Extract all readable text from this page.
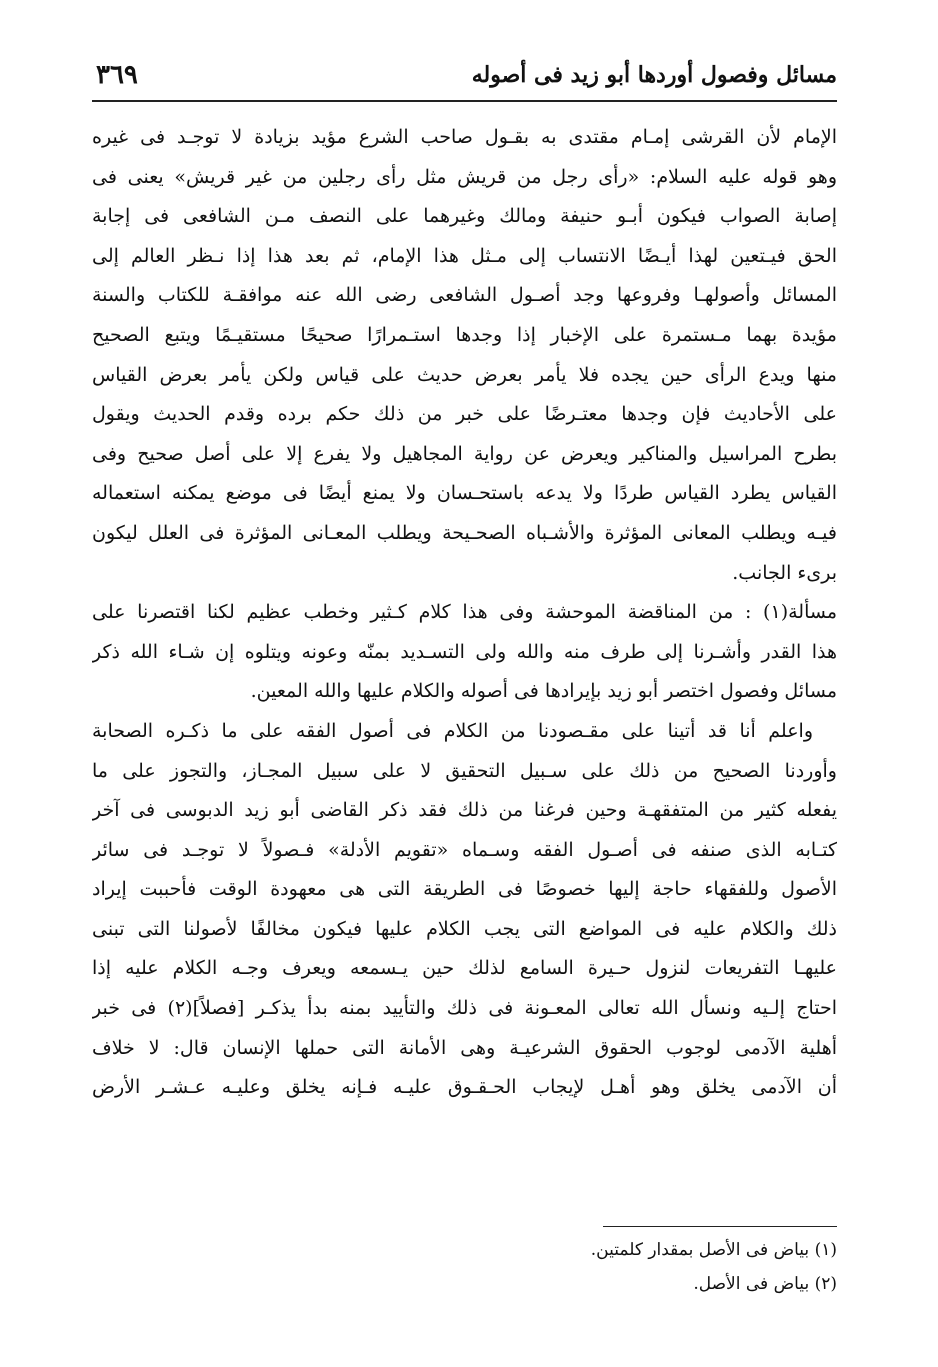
مسائل وفصول أوردها أبو زيد فى أصوله
٣٦٩
الإمام لأن القرشى إمـام مقتدى به بقـول صاحب الشرع مؤيد بزيادة لا توجـد فى غيره
وهو قوله عليه السلام: «رأى رجل من قريش مثل رأى رجلين من غير قريش» يعنى فى
إصابة الصواب فيكون أبـو حنيفة ومالك وغيرهما على النصف مـن الشافعى فى إجابة
الحق فيـتعين لهذا أيـضًا الانتساب إلى مـثل هذا الإمام، ثم بعد هذا إذا نـظر العالم إلى
المسائل وأصولهـا وفروعها وجد أصـول الشافعى رضى الله عنه موافقـة للكتاب والسنة
مؤيدة بهما مـستمرة على الإخبار إذا وجدها استـمرارًا صحيحًا مستقيـمًا ويتبع الصحيح
منها ويدع الرأى حين يجده فلا يأمر بعرض حديث على قياس ولكن يأمر بعرض القياس
على الأحاديث فإن وجدها معتـرضًا على خبر من ذلك حكم برده وقدم الحديث ويقول
بطرح المراسيل والمناكير ويعرض عن رواية المجاهيل ولا يفرع إلا على أصل صحيح وفى
القياس يطرد القياس طردًا ولا يدعه باستحـسان ولا يمنع أيضًا فى موضع يمكنه استعماله
فيـه ويطلب المعانى المؤثرة والأشـباه الصحـيحة ويطلب المعـانى المؤثرة فى العلل ليكون
برىء الجانب.
مسألة(١) : من المناقضة الموحشة وفى هذا كلام كـثير وخطب عظيم لكنا اقتصرنا على
هذا القدر وأشـرنا إلى طرف منه والله ولى التسـديد بمنّه وعونه ويتلوه إن شـاء الله ذكر
مسائل وفصول اختصر أبو زيد بإيرادها فى أصوله والكلام عليها والله المعين.
واعلم أنا قد أتينا على مقـصودنا من الكلام فى أصول الفقه على ما ذكـره الصحابة
وأوردنا الصحيح من ذلك على سـبيل التحقيق لا على سبيل المجـاز، والتجوز على ما
يفعله كثير من المتفقهـة وحين فرغنا من ذلك فقد ذكر القاضى أبو زيد الدبوسى فى آخر
كتـابه الذى صنفه فى أصـول الفقه وسـماه «تقويم الأدلة» فـصولاً لا توجـد فى سائر
الأصول وللفقهاء حاجة إليها خصوصًا فى الطريقة التى هى معهودة الوقت فأحببت إيراد
ذلك والكلام عليه فى المواضع التى يجب الكلام عليها فيكون مخالفًا لأصولنا التى تبنى
عليهـا التفريعات لنزول حـيرة السامع لذلك حين يـسمعه ويعرف وجـه الكلام عليه إذا
احتاج إلـيه ونسأل الله تعالى المعـونة فى ذلك والتأييد بمنه بدأ يذكـر [فصلاً](٢) فى خبر
أهلية الآدمى لوجوب الحقوق الشرعيـة وهى الأمانة التى حملها الإنسان قال: لا خلاف
أن الآدمى يخلق وهو أهـل لإيجاب الحـقـوق عليـه فـإنه يخلق وعليـه عـشـر الأرض
(١) بياض فى الأصل بمقدار كلمتين.
(٢) بياض فى الأصل.
